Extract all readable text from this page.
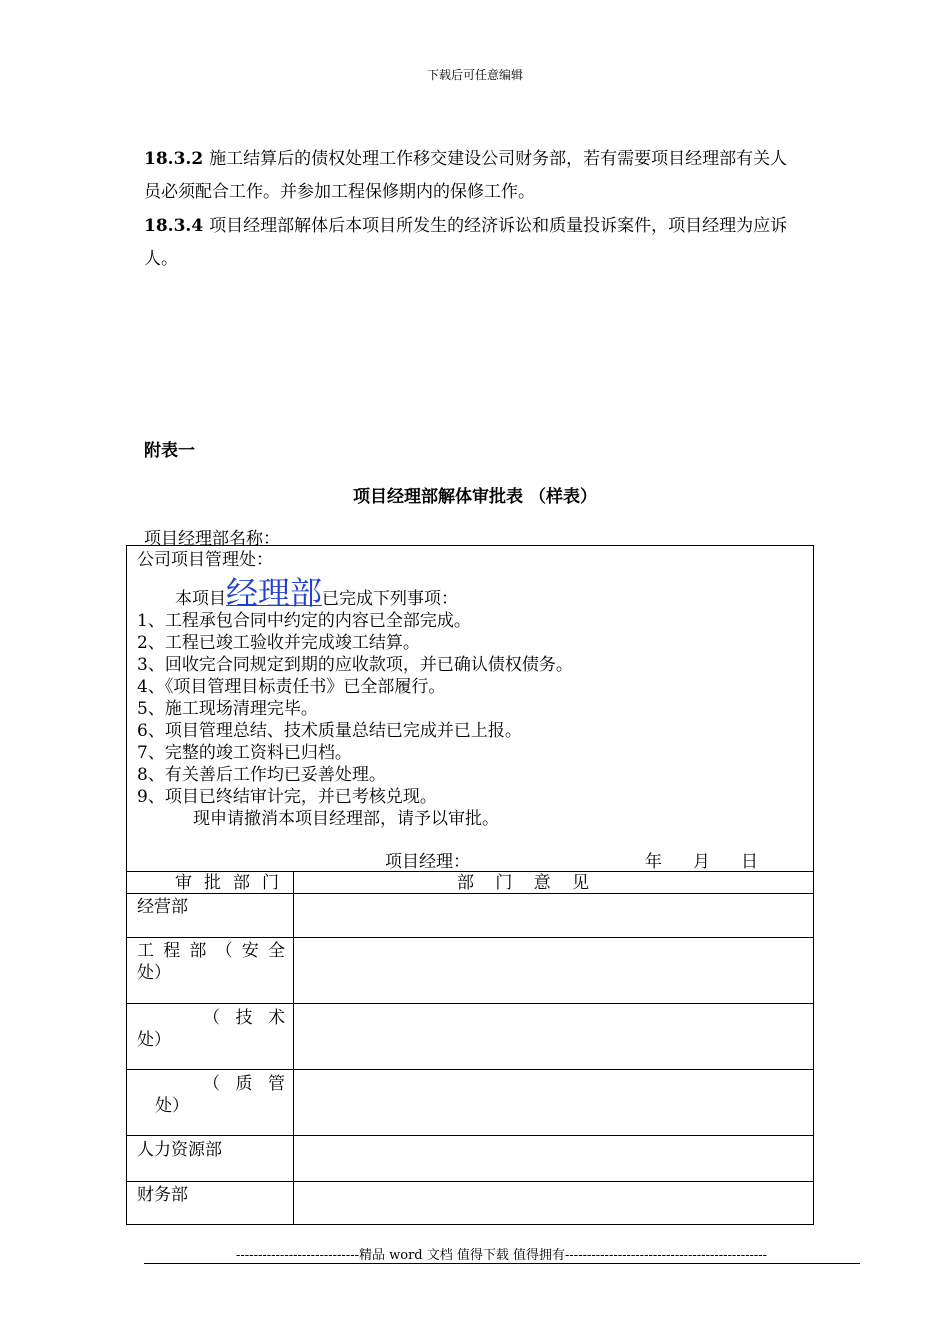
下载后可任意编辑
18.3.2 施工结算后的债权处理工作移交建设公司财务部，若有需要项目经理部有关人
员必须配合工作。并参加工程保修期内的保修工作。
18.3.4 项目经理部解体后本项目所发生的经济诉讼和质量投诉案件，项目经理为应诉
人。
附表一
项目经理部解体审批表 （样表）
项目经理部名称：
公司项目管理处：
本项目经理部已完成下列事项：
1、工程承包合同中约定的内容已全部完成。
2、工程已竣工验收并完成竣工结算。
3、回收完合同规定到期的应收款项，并已确认债权债务。
4、《项目管理目标责任书》已全部履行。
5、施工现场清理完毕。
6、项目管理总结、技术质量总结已完成并已上报。
7、完整的竣工资料已归档。
8、有关善后工作均已妥善处理。
9、项目已终结审计完，并已考核兑现。
现申请撤消本项目经理部，请予以审批。
项目经理：	年 月 日
审 批 部 门	部 门 意 见
经营部
工 程 部 （ 安 全
处）
（ 技 术
处）
（ 质 管
处）
人力资源部
财务部
----------------------------精品 word 文档 值得下载 值得拥有----------------------------------------------
